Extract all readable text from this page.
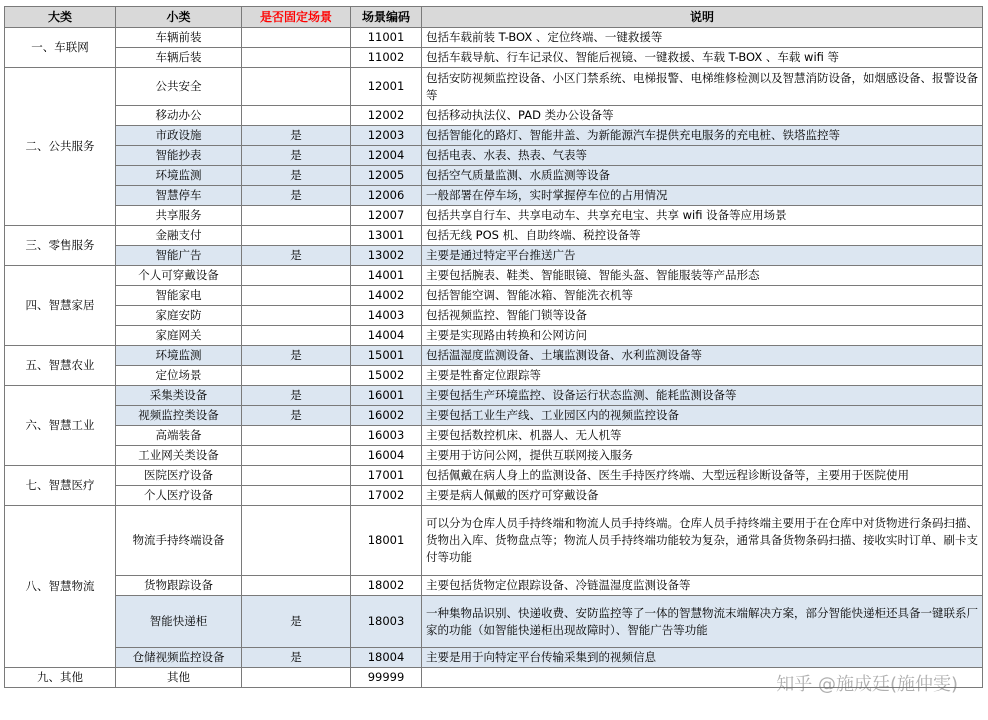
大类	小类	是否固定场景	场景编码	说明
一、车联网	车辆前装		11001	包括车载前装 T-BOX 、定位终端、一键救援等
	车辆后装		11002	包括车载导航、行车记录仪、智能后视镜、一键救援、车载 T-BOX 、车载 wifi 等
二、公共服务	公共安全		12001	包括安防视频监控设备、小区门禁系统、电梯报警、电梯维修检测以及智慧消防设备，如烟感设备、报警设备等
	移动办公		12002	包括移动执法仪、PAD 类办公设备等
	市政设施	是	12003	包括智能化的路灯、智能井盖、为新能源汽车提供充电服务的充电桩、铁塔监控等
	智能抄表	是	12004	包括电表、水表、热表、气表等
	环境监测	是	12005	包括空气质量监测、水质监测等设备
	智慧停车	是	12006	一般部署在停车场，实时掌握停车位的占用情况
	共享服务		12007	包括共享自行车、共享电动车、共享充电宝、共享 wifi 设备等应用场景
三、零售服务	金融支付		13001	包括无线 POS 机、自助终端、税控设备等
	智能广告	是	13002	主要是通过特定平台推送广告
四、智慧家居	个人可穿戴设备		14001	主要包括腕表、鞋类、智能眼镜、智能头盔、智能服装等产品形态
	智能家电		14002	包括智能空调、智能冰箱、智能洗衣机等
	家庭安防		14003	包括视频监控、智能门锁等设备
	家庭网关		14004	主要是实现路由转换和公网访问
五、智慧农业	环境监测	是	15001	包括温湿度监测设备、土壤监测设备、水利监测设备等
	定位场景		15002	主要是牲畜定位跟踪等
六、智慧工业	采集类设备	是	16001	主要包括生产环境监控、设备运行状态监测、能耗监测设备等
	视频监控类设备	是	16002	主要包括工业生产线、工业园区内的视频监控设备
	高端装备		16003	主要包括数控机床、机器人、无人机等
	工业网关类设备		16004	主要用于访问公网，提供互联网接入服务
七、智慧医疗	医院医疗设备		17001	包括佩戴在病人身上的监测设备、医生手持医疗终端、大型远程诊断设备等，主要用于医院使用
	个人医疗设备		17002	主要是病人佩戴的医疗可穿戴设备
八、智慧物流	物流手持终端设备		18001	可以分为仓库人员手持终端和物流人员手持终端。仓库人员手持终端主要用于在仓库中对货物进行条码扫描、货物出入库、货物盘点等；物流人员手持终端功能较为复杂，通常具备货物条码扫描、接收实时订单、刷卡支付等功能
	货物跟踪设备		18002	主要包括货物定位跟踪设备、冷链温湿度监测设备等
	智能快递柜	是	18003	一种集物品识别、快递收费、安防监控等了一体的智慧物流末端解决方案，部分智能快递柜还具备一键联系厂家的功能（如智能快递柜出现故障时）、智能广告等功能
	仓储视频监控设备	是	18004	主要是用于向特定平台传输采集到的视频信息
九、其他	其他		99999		知乎 @施成廷(施仲雯)
